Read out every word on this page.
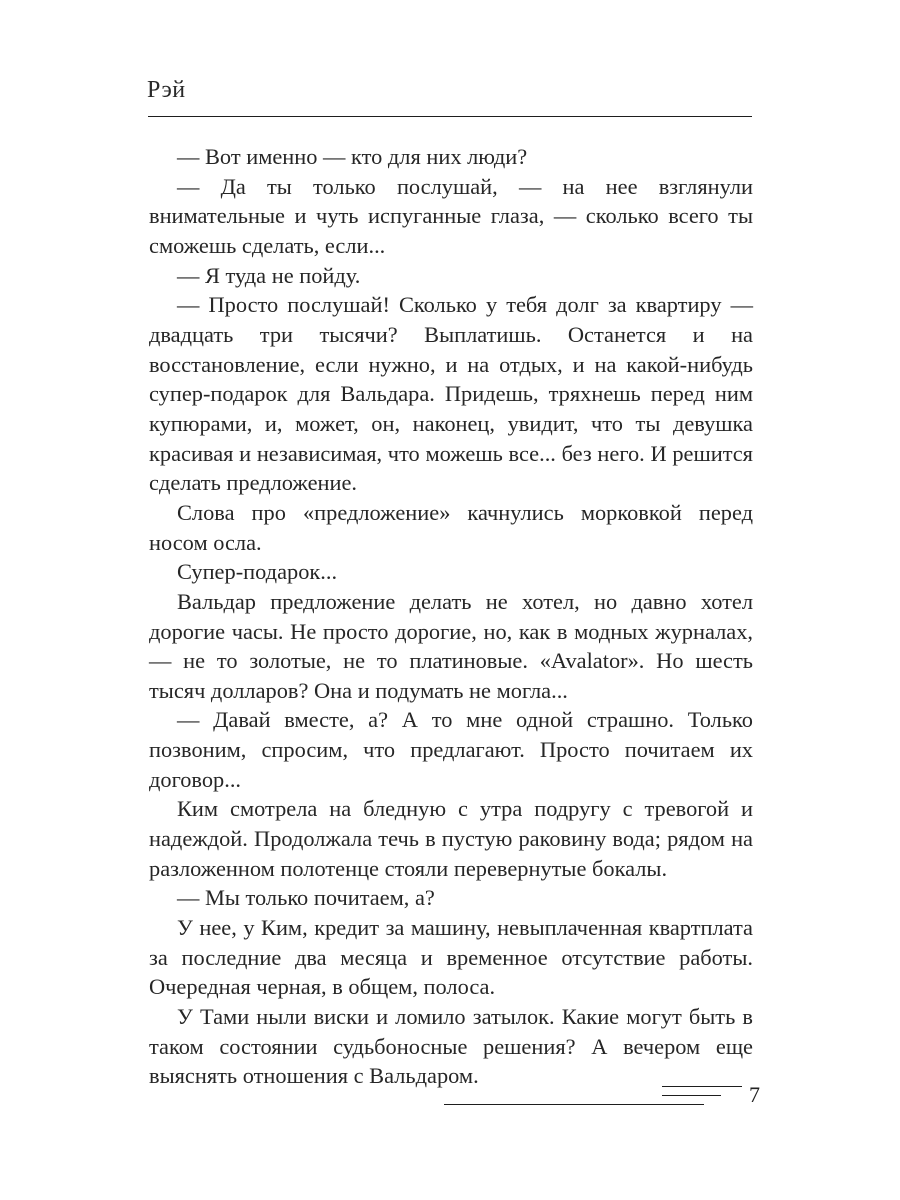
Рэй

— Вот именно — кто для них люди?

— Да ты только послушай, — на нее взглянули внимательные и чуть испуганные глаза, — сколько всего ты сможешь сделать, если...

— Я туда не пойду.

— Просто послушай! Сколько у тебя долг за квартиру — двадцать три тысячи? Выплатишь. Останется и на восстановление, если нужно, и на отдых, и на какой-нибудь супер-подарок для Вальдара. Придешь, тряхнешь перед ним купюрами, и, может, он, наконец, увидит, что ты девушка красивая и независимая, что можешь все... без него. И решится сделать предложение.

Слова про «предложение» качнулись морковкой перед носом осла.

Супер-подарок...

Вальдар предложение делать не хотел, но давно хотел дорогие часы. Не просто дорогие, но, как в модных журналах, — не то золотые, не то платиновые. «Avalator». Но шесть тысяч долларов? Она и подумать не могла...

— Давай вместе, а? А то мне одной страшно. Только позвоним, спросим, что предлагают. Просто почитаем их договор...

Ким смотрела на бледную с утра подругу с тревогой и надеждой. Продолжала течь в пустую раковину вода; рядом на разложенном полотенце стояли перевернутые бокалы.

— Мы только почитаем, а?

У нее, у Ким, кредит за машину, невыплаченная квартплата за последние два месяца и временное отсутствие работы. Очередная черная, в общем, полоса.

У Тами ныли виски и ломило затылок. Какие могут быть в таком состоянии судьбоносные решения? А вечером еще выяснять отношения с Вальдаром.

7
